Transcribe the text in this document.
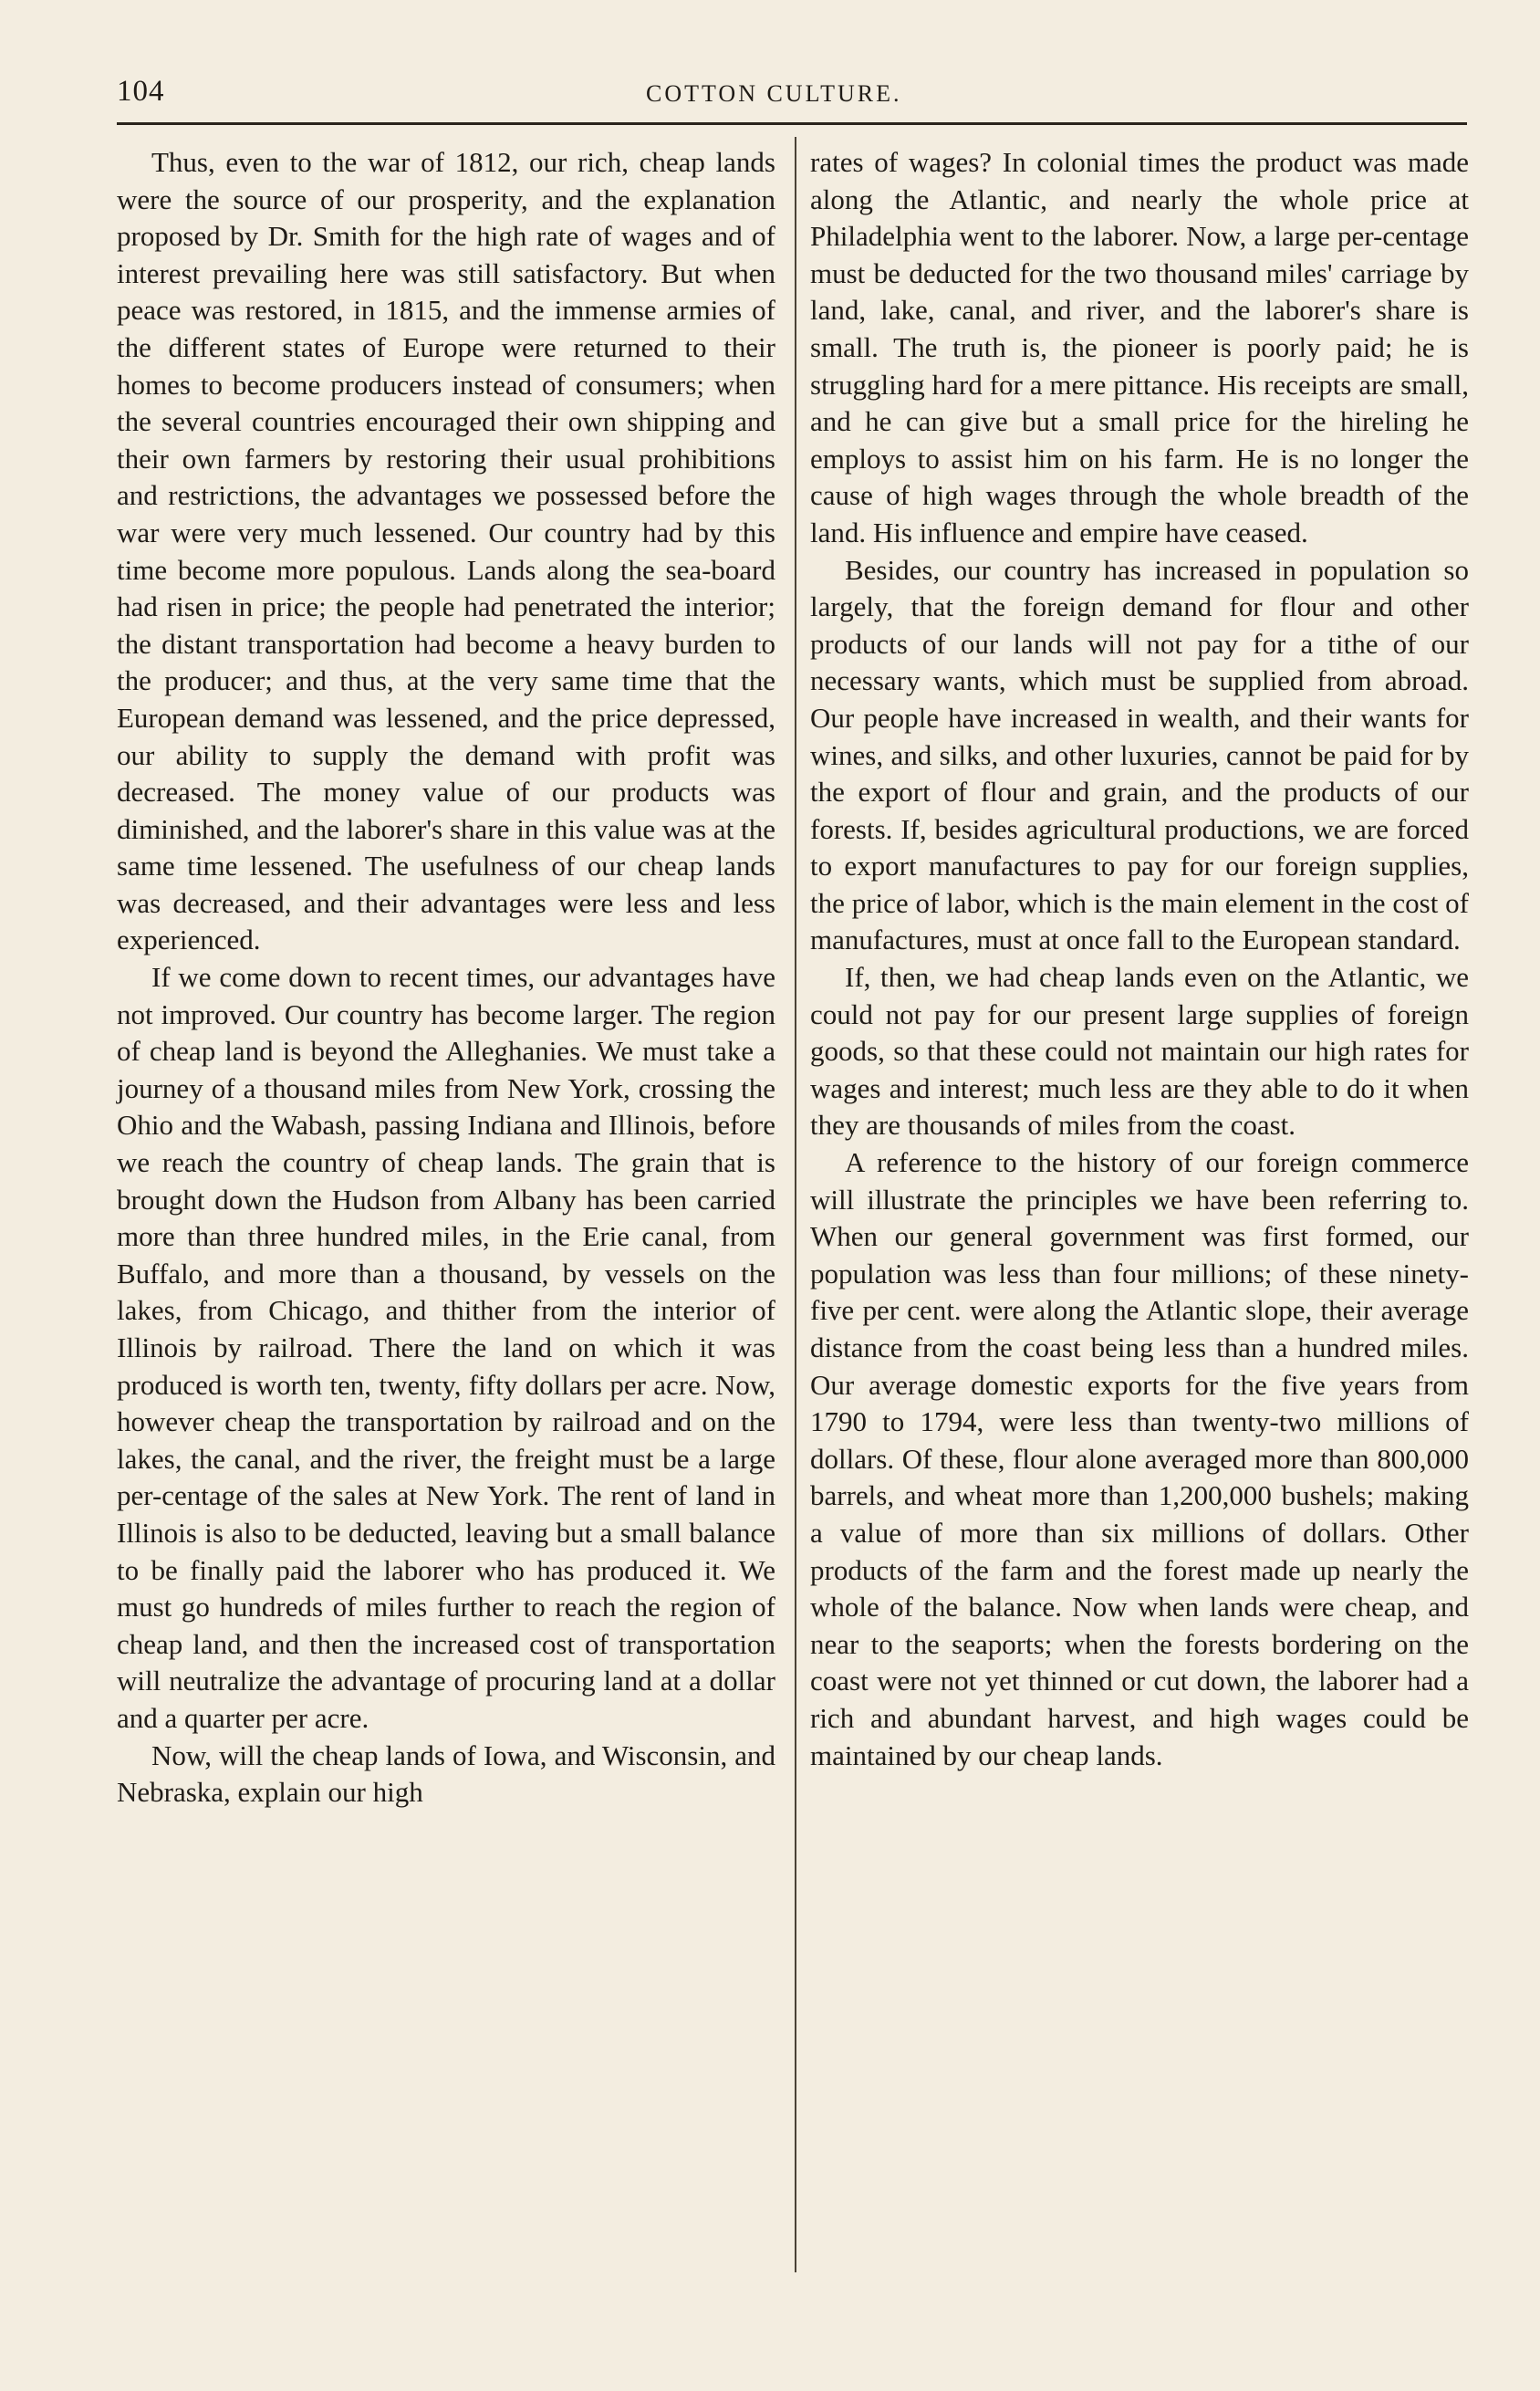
104	COTTON CULTURE.

Thus, even to the war of 1812, our rich, cheap lands were the source of our prosperity, and the explanation proposed by Dr. Smith for the high rate of wages and of interest prevailing here was still satisfactory. But when peace was restored, in 1815, and the immense armies of the different states of Europe were returned to their homes to become producers instead of consumers; when the several countries encouraged their own shipping and their own farmers by restoring their usual prohibitions and restrictions, the advantages we possessed before the war were very much lessened. Our country had by this time become more populous. Lands along the sea-board had risen in price; the people had penetrated the interior; the distant transportation had become a heavy burden to the producer; and thus, at the very same time that the European demand was lessened, and the price depressed, our ability to supply the demand with profit was decreased. The money value of our products was diminished, and the laborer's share in this value was at the same time lessened. The usefulness of our cheap lands was decreased, and their advantages were less and less experienced.

If we come down to recent times, our advantages have not improved. Our country has become larger. The region of cheap land is beyond the Alleghanies. We must take a journey of a thousand miles from New York, crossing the Ohio and the Wabash, passing Indiana and Illinois, before we reach the country of cheap lands. The grain that is brought down the Hudson from Albany has been carried more than three hundred miles, in the Erie canal, from Buffalo, and more than a thousand, by vessels on the lakes, from Chicago, and thither from the interior of Illinois by railroad. There the land on which it was produced is worth ten, twenty, fifty dollars per acre. Now, however cheap the transportation by railroad and on the lakes, the canal, and the river, the freight must be a large per-centage of the sales at New York. The rent of land in Illinois is also to be deducted, leaving but a small balance to be finally paid the laborer who has produced it. We must go hundreds of miles further to reach the region of cheap land, and then the increased cost of transportation will neutralize the advantage of procuring land at a dollar and a quarter per acre.

Now, will the cheap lands of Iowa, and Wisconsin, and Nebraska, explain our high

rates of wages? In colonial times the product was made along the Atlantic, and nearly the whole price at Philadelphia went to the laborer. Now, a large per-centage must be deducted for the two thousand miles' carriage by land, lake, canal, and river, and the laborer's share is small. The truth is, the pioneer is poorly paid; he is struggling hard for a mere pittance. His receipts are small, and he can give but a small price for the hireling he employs to assist him on his farm. He is no longer the cause of high wages through the whole breadth of the land. His influence and empire have ceased.

Besides, our country has increased in population so largely, that the foreign demand for flour and other products of our lands will not pay for a tithe of our necessary wants, which must be supplied from abroad. Our people have increased in wealth, and their wants for wines, and silks, and other luxuries, cannot be paid for by the export of flour and grain, and the products of our forests. If, besides agricultural productions, we are forced to export manufactures to pay for our foreign supplies, the price of labor, which is the main element in the cost of manufactures, must at once fall to the European standard.

If, then, we had cheap lands even on the Atlantic, we could not pay for our present large supplies of foreign goods, so that these could not maintain our high rates for wages and interest; much less are they able to do it when they are thousands of miles from the coast.

A reference to the history of our foreign commerce will illustrate the principles we have been referring to. When our general government was first formed, our population was less than four millions; of these ninety-five per cent. were along the Atlantic slope, their average distance from the coast being less than a hundred miles. Our average domestic exports for the five years from 1790 to 1794, were less than twenty-two millions of dollars. Of these, flour alone averaged more than 800,000 barrels, and wheat more than 1,200,000 bushels; making a value of more than six millions of dollars. Other products of the farm and the forest made up nearly the whole of the balance. Now when lands were cheap, and near to the seaports; when the forests bordering on the coast were not yet thinned or cut down, the laborer had a rich and abundant harvest, and high wages could be maintained by our cheap lands.
